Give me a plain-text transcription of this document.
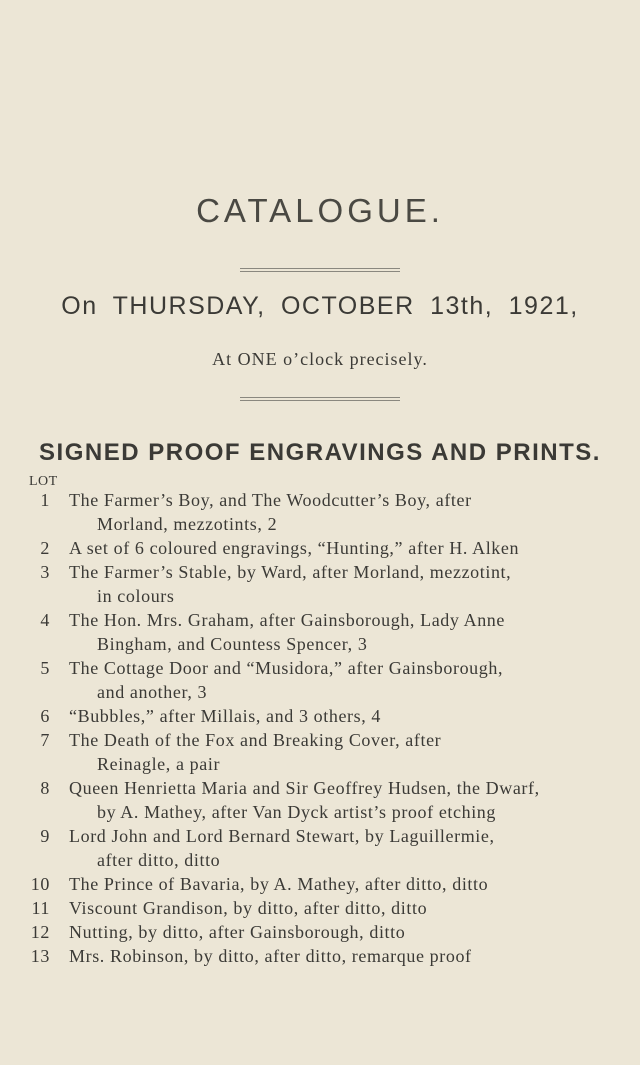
CATALOGUE.
On THURSDAY, OCTOBER 13th, 1921,
At ONE o’clock precisely.
SIGNED PROOF ENGRAVINGS AND PRINTS.
LOT
1 The Farmer’s Boy, and The Woodcutter’s Boy, after
Morland, mezzotints, 2
2 A set of 6 coloured engravings, “Hunting,” after H. Alken
3 The Farmer’s Stable, by Ward, after Morland, mezzotint,
in colours
4 The Hon. Mrs. Graham, after Gainsborough, Lady Anne
Bingham, and Countess Spencer, 3
5 The Cottage Door and “Musidora,” after Gainsborough,
and another, 3
6 “Bubbles,” after Millais, and 3 others, 4
7 The Death of the Fox and Breaking Cover, after
Reinagle, a pair
8 Queen Henrietta Maria and Sir Geoffrey Hudsen, the Dwarf,
by A. Mathey, after Van Dyck artist’s proof etching
9 Lord John and Lord Bernard Stewart, by Laguillermie,
after ditto, ditto
10 The Prince of Bavaria, by A. Mathey, after ditto, ditto
11 Viscount Grandison, by ditto, after ditto, ditto
12 Nutting, by ditto, after Gainsborough, ditto
13 Mrs. Robinson, by ditto, after ditto, remarque proof
